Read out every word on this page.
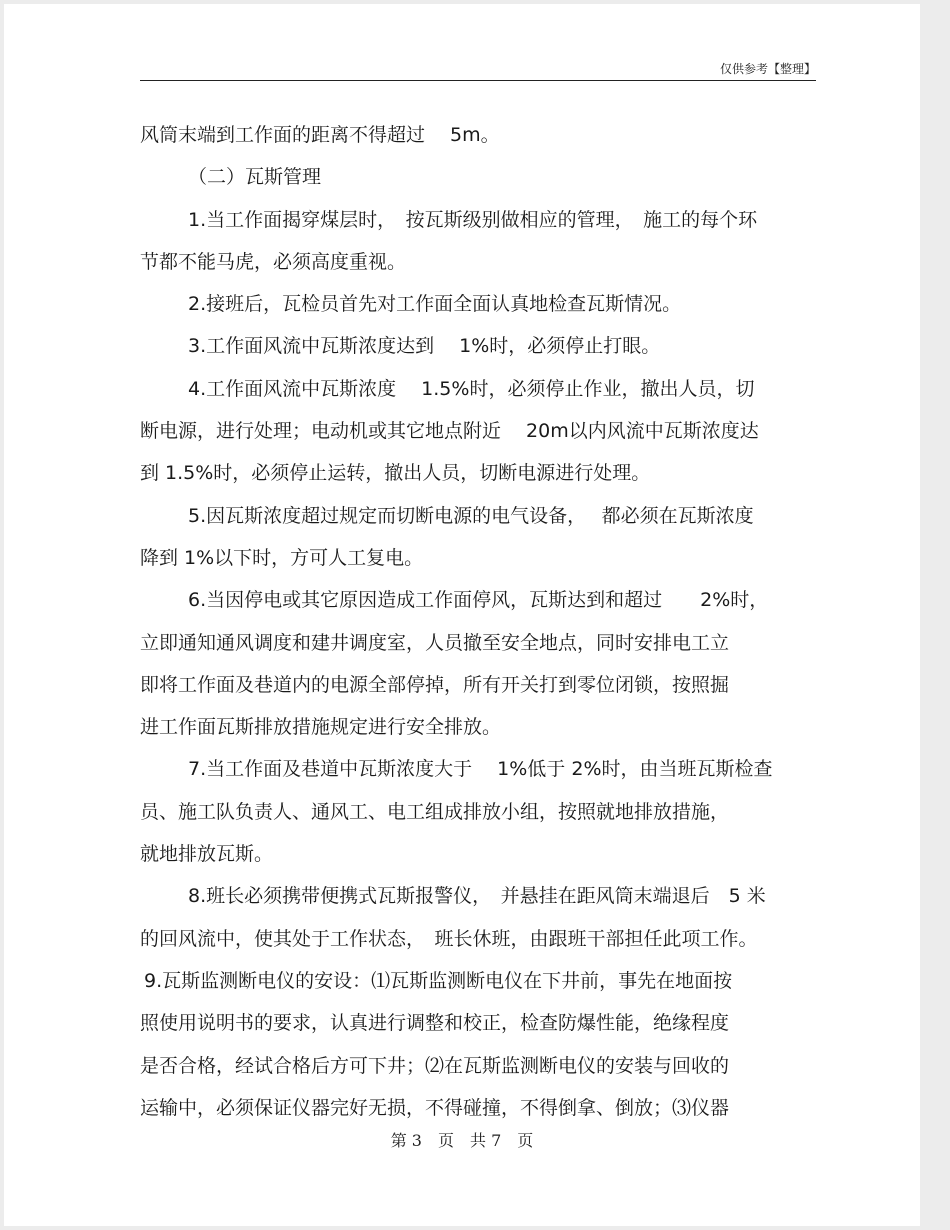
仅供参考【整理】
风筒末端到工作面的距离不得超过　 5m。
（二）瓦斯管理
1.当工作面揭穿煤层时，　按瓦斯级别做相应的管理，　施工的每个环
节都不能马虎，必须高度重视。
2.接班后，瓦检员首先对工作面全面认真地检查瓦斯情况。
3.工作面风流中瓦斯浓度达到　 1%时，必须停止打眼。
4.工作面风流中瓦斯浓度　 1.5%时，必须停止作业，撤出人员，切
断电源，进行处理；电动机或其它地点附近　 20m以内风流中瓦斯浓度达
到 1.5%时，必须停止运转，撤出人员，切断电源进行处理。
5.因瓦斯浓度超过规定而切断电源的电气设备，　 都必须在瓦斯浓度
降到 1%以下时，方可人工复电。
6.当因停电或其它原因造成工作面停风，瓦斯达到和超过　　2%时，
立即通知通风调度和建井调度室，人员撤至安全地点，同时安排电工立
即将工作面及巷道内的电源全部停掉，所有开关打到零位闭锁，按照掘
进工作面瓦斯排放措施规定进行安全排放。
7.当工作面及巷道中瓦斯浓度大于　 1%低于 2%时，由当班瓦斯检查
员、施工队负责人、通风工、电工组成排放小组，按照就地排放措施，
就地排放瓦斯。
8.班长必须携带便携式瓦斯报警仪，　并悬挂在距风筒末端退后　5 米
的回风流中，使其处于工作状态，　班长休班，由跟班干部担任此项工作。
9.瓦斯监测断电仪的安设：⑴瓦斯监测断电仪在下井前，事先在地面按
照使用说明书的要求，认真进行调整和校正，检查防爆性能，绝缘程度
是否合格，经试合格后方可下井；⑵在瓦斯监测断电仪的安装与回收的
运输中，必须保证仪器完好无损，不得碰撞，不得倒拿、倒放；⑶仪器
第 3　页　共 7　页
